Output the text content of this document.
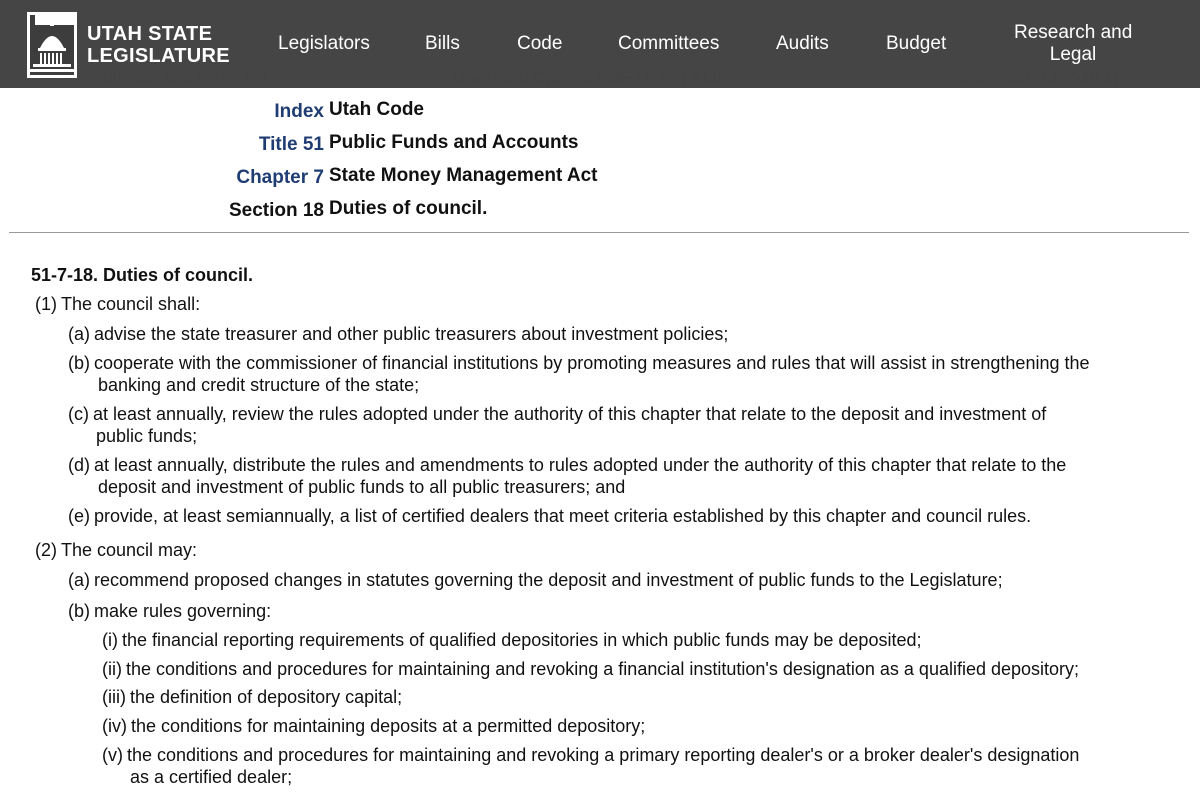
UTAH STATE
LEGISLATURE
Legislators	Bills	Code	Committees	Audits	Budget
Research and
Legal
Index Utah Code
Title 51 Public Funds and Accounts
Chapter 7 State Money Management Act
Section 18 Duties of council.
51-7-18. Duties of council.
(1) The council shall:
(a) advise the state treasurer and other public treasurers about investment policies;
(b) cooperate with the commissioner of financial institutions by promoting measures and rules that will assist in strengthening the
banking and credit structure of the state;
(c) at least annually, review the rules adopted under the authority of this chapter that relate to the deposit and investment of
public funds;
(d) at least annually, distribute the rules and amendments to rules adopted under the authority of this chapter that relate to the
deposit and investment of public funds to all public treasurers; and
(e) provide, at least semiannually, a list of certified dealers that meet criteria established by this chapter and council rules.
(2) The council may:
(a) recommend proposed changes in statutes governing the deposit and investment of public funds to the Legislature;
(b) make rules governing:
(i) the financial reporting requirements of qualified depositories in which public funds may be deposited;
(ii) the conditions and procedures for maintaining and revoking a financial institution's designation as a qualified depository;
(iii) the definition of depository capital;
(iv) the conditions for maintaining deposits at a permitted depository;
(v) the conditions and procedures for maintaining and revoking a primary reporting dealer's or a broker dealer's designation
as a certified dealer;
